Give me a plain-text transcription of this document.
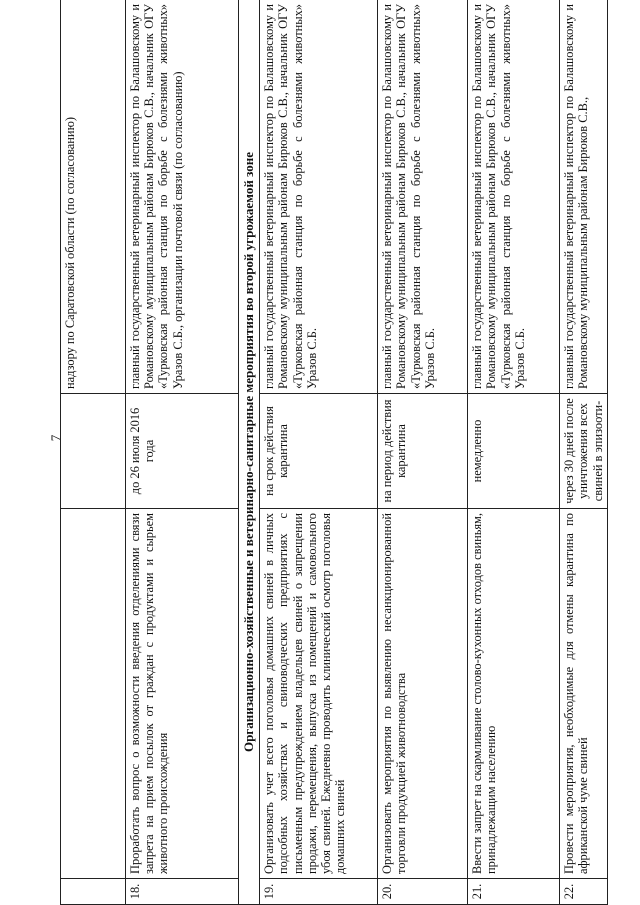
7
			надзору по Саратовской области (по согласованию)
18.	Проработать вопрос о возможности введения отделениями связи запрета на прием посылок от граждан с продуктами и сырьем животного происхождения	до 26 июля 2016 года	главный государственный ветеринарный инспектор по Балашовскому и Романовскому муниципальным районам Бирюков С.В., начальник ОГУ «Турковская районная станция по борьбе с болезнями животных» Уразов С.Б., организации почтовой связи (по согласованию)
Организационно-хозяйственные и ветеринарно-санитарные мероприятия во второй угрожаемой зоне			
19.	Организовать учет всего поголовья домашних свиней в личных подсобных хозяйствах и свиноводческих предприятиях с письменным предупреждением владельцев свиней о запрещении продажи, перемещения, выпуска из помещений и самовольного убоя свиней. Ежедневно проводить клинический осмотр поголовья домашних свиней	на срок действия карантина	главный государственный ветеринарный инспектор по Балашовскому и Романовскому муниципальным районам Бирюков С.В., начальник ОГУ «Турковская районная станция по борьбе с болезнями животных» Уразов С.Б.
20.	Организовать мероприятия по выявлению несанкционированной торговли продукцией животноводства	на период действия карантина	главный государственный ветеринарный инспектор по Балашовскому и Романовскому муниципальным районам Бирюков С.В., начальник ОГУ «Турковская районная станция по борьбе с болезнями животных» Уразов С.Б.
21.	Ввести запрет на скармливание столово-кухонных отходов свиньям, принадлежащим населению	немедленно	главный государственный ветеринарный инспектор по Балашовскому и Романовскому муниципальным районам Бирюков С.В., начальник ОГУ «Турковская районная станция по борьбе с болезнями животных» Уразов С.Б.
22.	Провести мероприятия, необходимые для отмены карантина по африканской чуме свиней	через 30 дней после уничтожения всех свиней в эпизооти-	главный государственный ветеринарный инспектор по Балашовскому и Романовскому муниципальным районам Бирюков С.В.,
